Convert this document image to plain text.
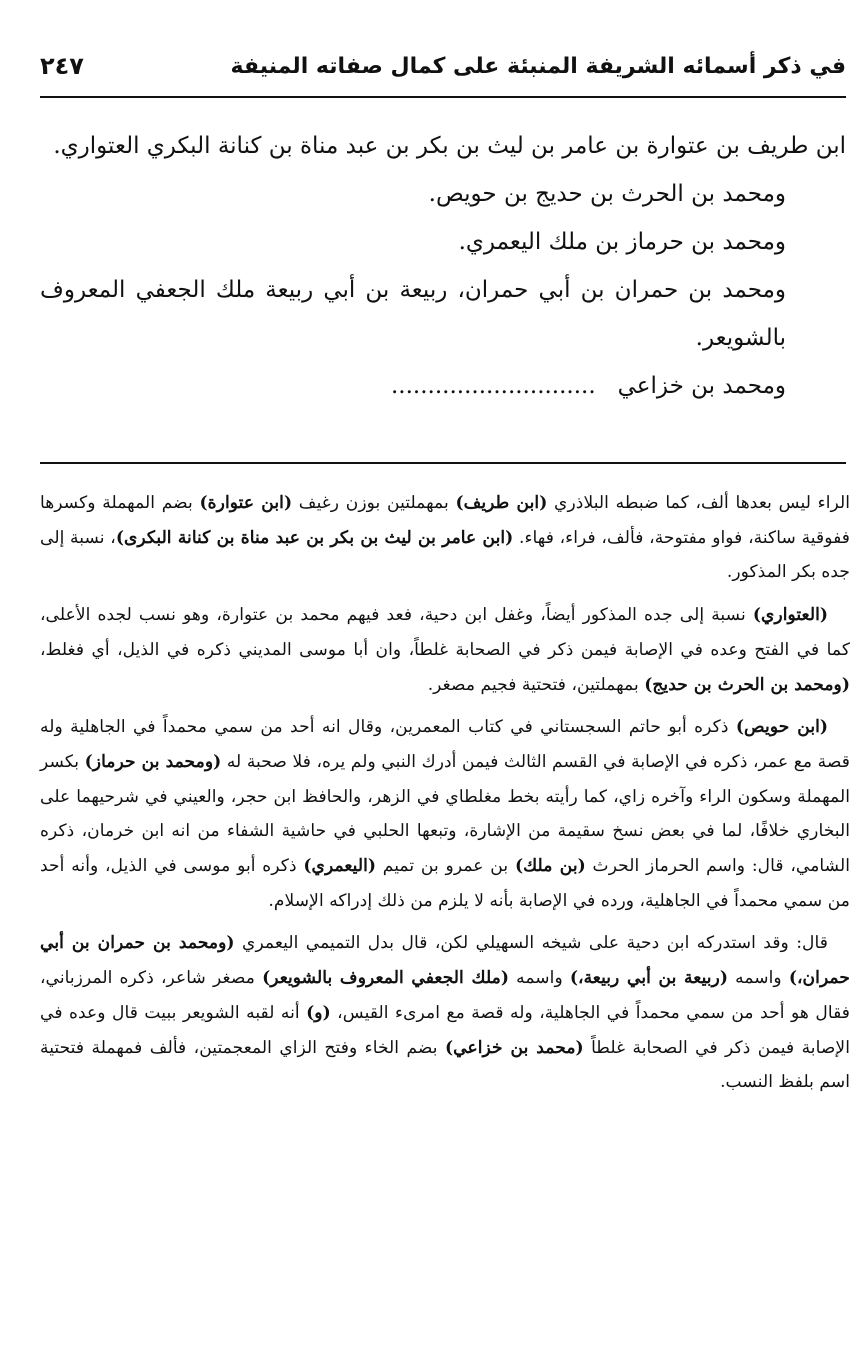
في ذكر أسمائه الشريفة المنبئة على كمال صفاته المنيفة
٢٤٧

ابن طريف بن عتوارة بن عامر بن ليث بن بكر بن عبد مناة بن كنانة البكري العتواري.

ومحمد بن الحرث بن حديج بن حويص.

ومحمد بن حرماز بن ملك اليعمري.

ومحمد بن حمران بن أبي حمران، ربيعة بن أبي ربيعة ملك الجعفي المعروف بالشويعر.

ومحمد بن خزاعي   ............................

الراء ليس بعدها ألف، كما ضبطه البلاذري (ابن طريف) بمهملتين بوزن رغيف (ابن عتوارة) بضم المهملة وكسرها ففوقية ساكنة، فواو مفتوحة، فألف، فراء، فهاء. (ابن عامر بن ليث بن بكر بن عبد مناة بن كنانة البكرى)، نسبة إلى جده بكر المذكور.

(العتواري) نسبة إلى جده المذكور أيضاً، وغفل ابن دحية، فعد فيهم محمد بن عتوارة، وهو نسب لجده الأعلى، كما في الفتح وعده في الإصابة فيمن ذكر في الصحابة غلطاً، وان أبا موسى المديني ذكره في الذيل، أي فغلط، (ومحمد بن الحرث بن حديج) بمهملتين، فتحتية فجيم مصغر.

(ابن حويص) ذكره أبو حاتم السجستاني في كتاب المعمرين، وقال انه أحد من سمي محمداً في الجاهلية وله قصة مع عمر، ذكره في الإصابة في القسم الثالث فيمن أدرك النبي ولم يره، فلا صحبة له (ومحمد بن حرماز) بكسر المهملة وسكون الراء وآخره زاي، كما رأيته بخط مغلطاي في الزهر، والحافظ ابن حجر، والعيني في شرحيهما على البخاري خلافًا، لما في بعض نسخ سقيمة من الإشارة، وتبعها الحلبي في حاشية الشفاء من انه ابن خرمان، ذكره الشامي، قال: واسم الحرماز الحرث (بن ملك) بن عمرو بن تميم (اليعمري) ذكره أبو موسى في الذيل، وأنه أحد من سمي محمداً في الجاهلية، ورده في الإصابة بأنه لا يلزم من ذلك إدراكه الإسلام.

قال: وقد استدركه ابن دحية على شيخه السهيلي لكن، قال بدل التميمي اليعمري (ومحمد بن حمران بن أبي حمران،) واسمه (ربيعة بن أبي ربيعة،) واسمه (ملك الجعفي المعروف بالشويعر) مصغر شاعر، ذكره المرزباني، فقال هو أحد من سمي محمداً في الجاهلية، وله قصة مع امرىء القيس، (و) أنه لقبه الشويعر ببيت قال وعده في الإصابة فيمن ذكر في الصحابة غلطاً (محمد بن خزاعي) بضم الخاء وفتح الزاي المعجمتين، فألف فمهملة فتحتية اسم بلفظ النسب.
